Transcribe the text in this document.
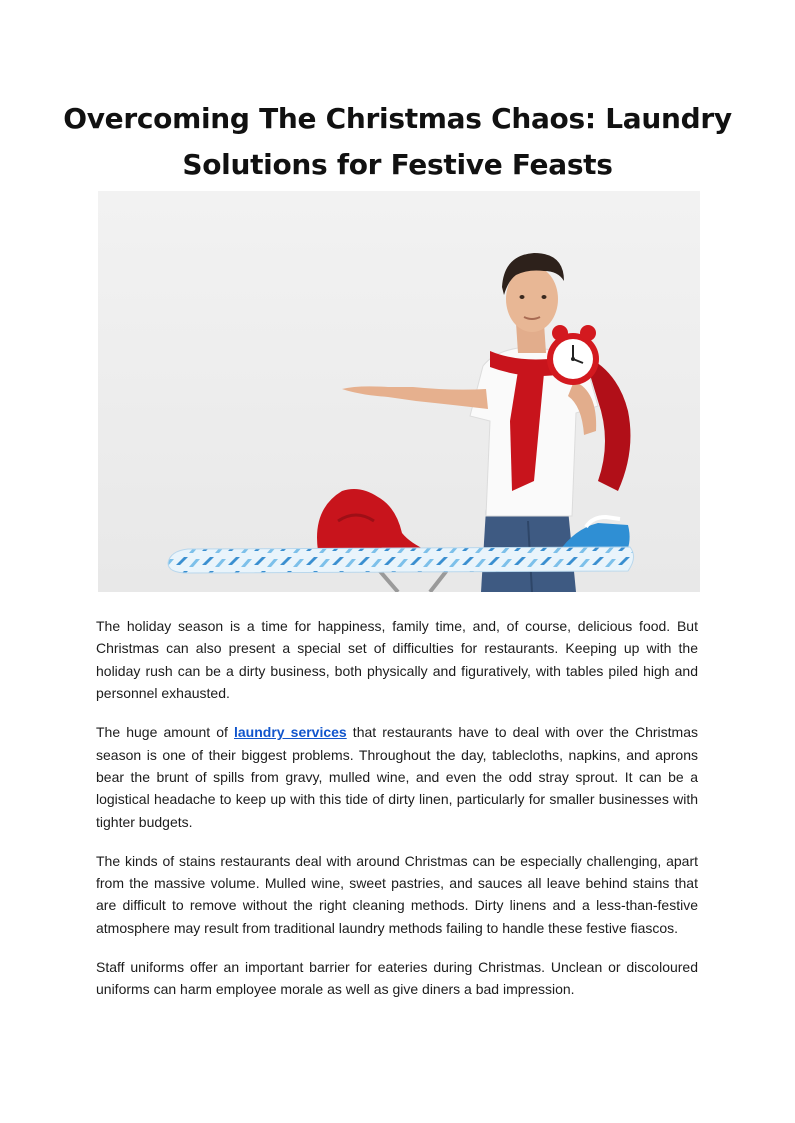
Overcoming The Christmas Chaos: Laundry
Solutions for Festive Feasts

The holiday season is a time for happiness, family time, and, of course, delicious food. But Christmas can also present a special set of difficulties for restaurants. Keeping up with the holiday rush can be a dirty business, both physically and figuratively, with tables piled high and personnel exhausted.

The huge amount of laundry services that restaurants have to deal with over the Christmas season is one of their biggest problems. Throughout the day, tablecloths, napkins, and aprons bear the brunt of spills from gravy, mulled wine, and even the odd stray sprout. It can be a logistical headache to keep up with this tide of dirty linen, particularly for smaller businesses with tighter budgets.

The kinds of stains restaurants deal with around Christmas can be especially challenging, apart from the massive volume. Mulled wine, sweet pastries, and sauces all leave behind stains that are difficult to remove without the right cleaning methods. Dirty linens and a less-than-festive atmosphere may result from traditional laundry methods failing to handle these festive fiascos.

Staff uniforms offer an important barrier for eateries during Christmas. Unclean or discoloured uniforms can harm employee morale as well as give diners a bad impression.
